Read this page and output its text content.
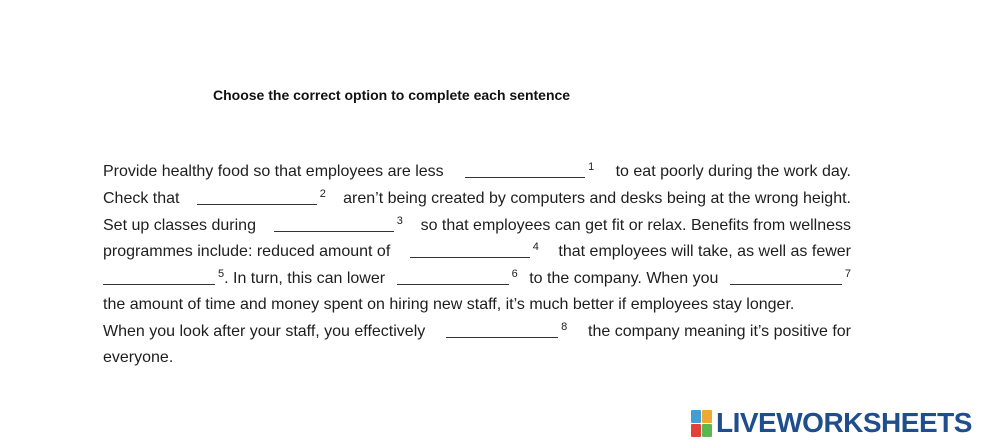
Choose the correct option to complete each sentence
Provide healthy food so that employees are less	1 to eat poorly during the work day.
Check that	2 aren’t being created by computers and desks being at the wrong height.
Set up classes during	3 so that employees can get fit or relax. Benefits from wellness
programmes include: reduced amount of	4 that employees will take, as well as fewer
5 . In turn, this can lower	6 to the company. When you	7
the amount of time and money spent on hiring new staff, it’s much better if employees stay longer.
When you look after your staff, you effectively	8 the company meaning it’s positive for
everyone.
LIVEWORKSHEETS
